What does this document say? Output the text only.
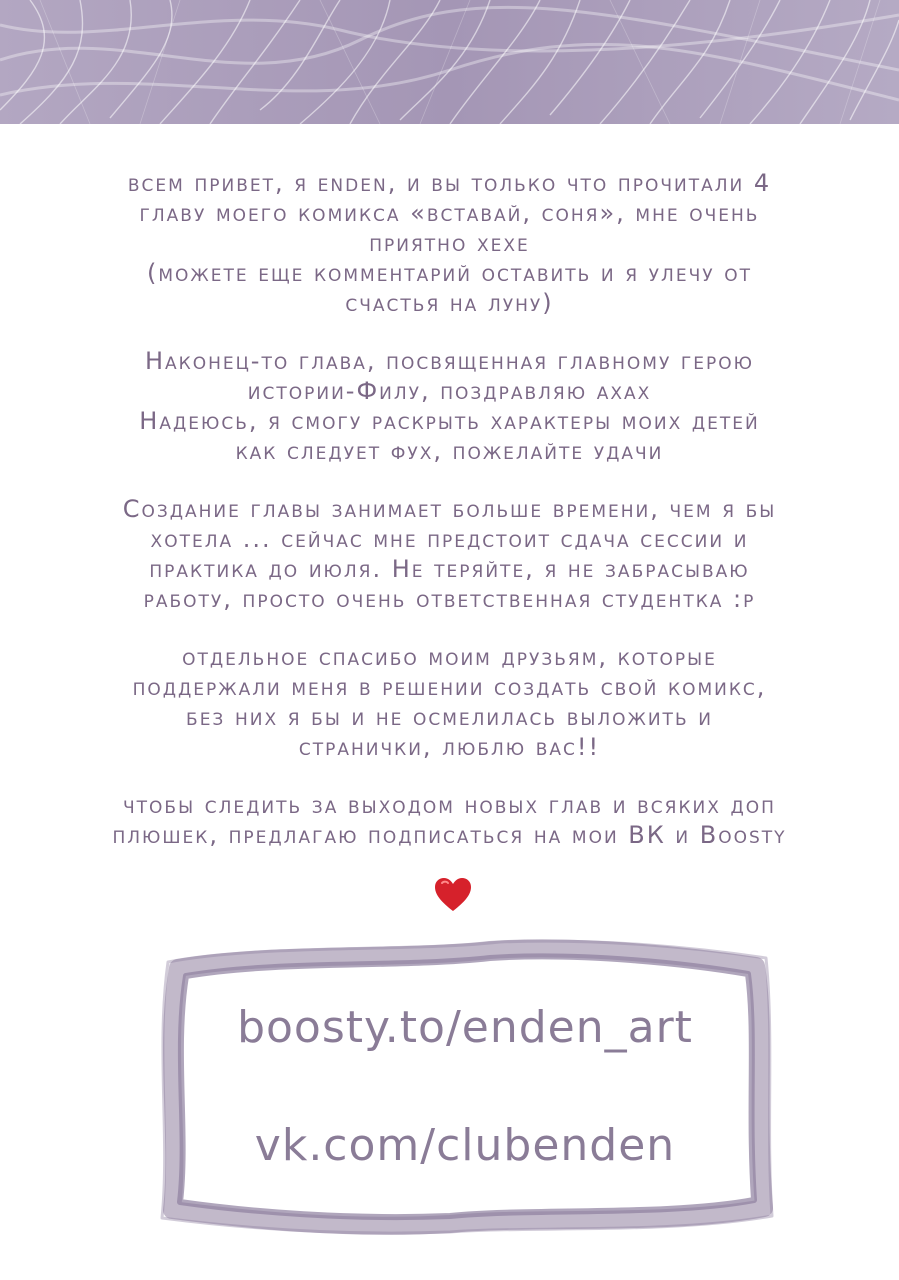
всем привет, я enden, и вы только что прочитали 4
главу моего комикса «вставай, соня», мне очень
приятно хехе
(можете еще комментарий оставить и я улечу от
счастья на луну)

Наконец-то глава, посвященная главному герою
истории-Филу, поздравляю ахах
Надеюсь, я смогу раскрыть характеры моих детей
как следует фух, пожелайте удачи

Создание главы занимает больше времени, чем я бы
хотела ... сейчас мне предстоит сдача сессии и
практика до июля. Не теряйте, я не забрасываю
работу, просто очень ответственная студентка :р

отдельное спасибо моим друзьям, которые
поддержали меня в решении создать свой комикс,
без них я бы и не осмелилась выложить и
странички, люблю вас!!

чтобы следить за выходом новых глав и всяких доп
плюшек, предлагаю подписаться на мои ВК и Boosty

boosty.to/enden_art
vk.com/clubenden
